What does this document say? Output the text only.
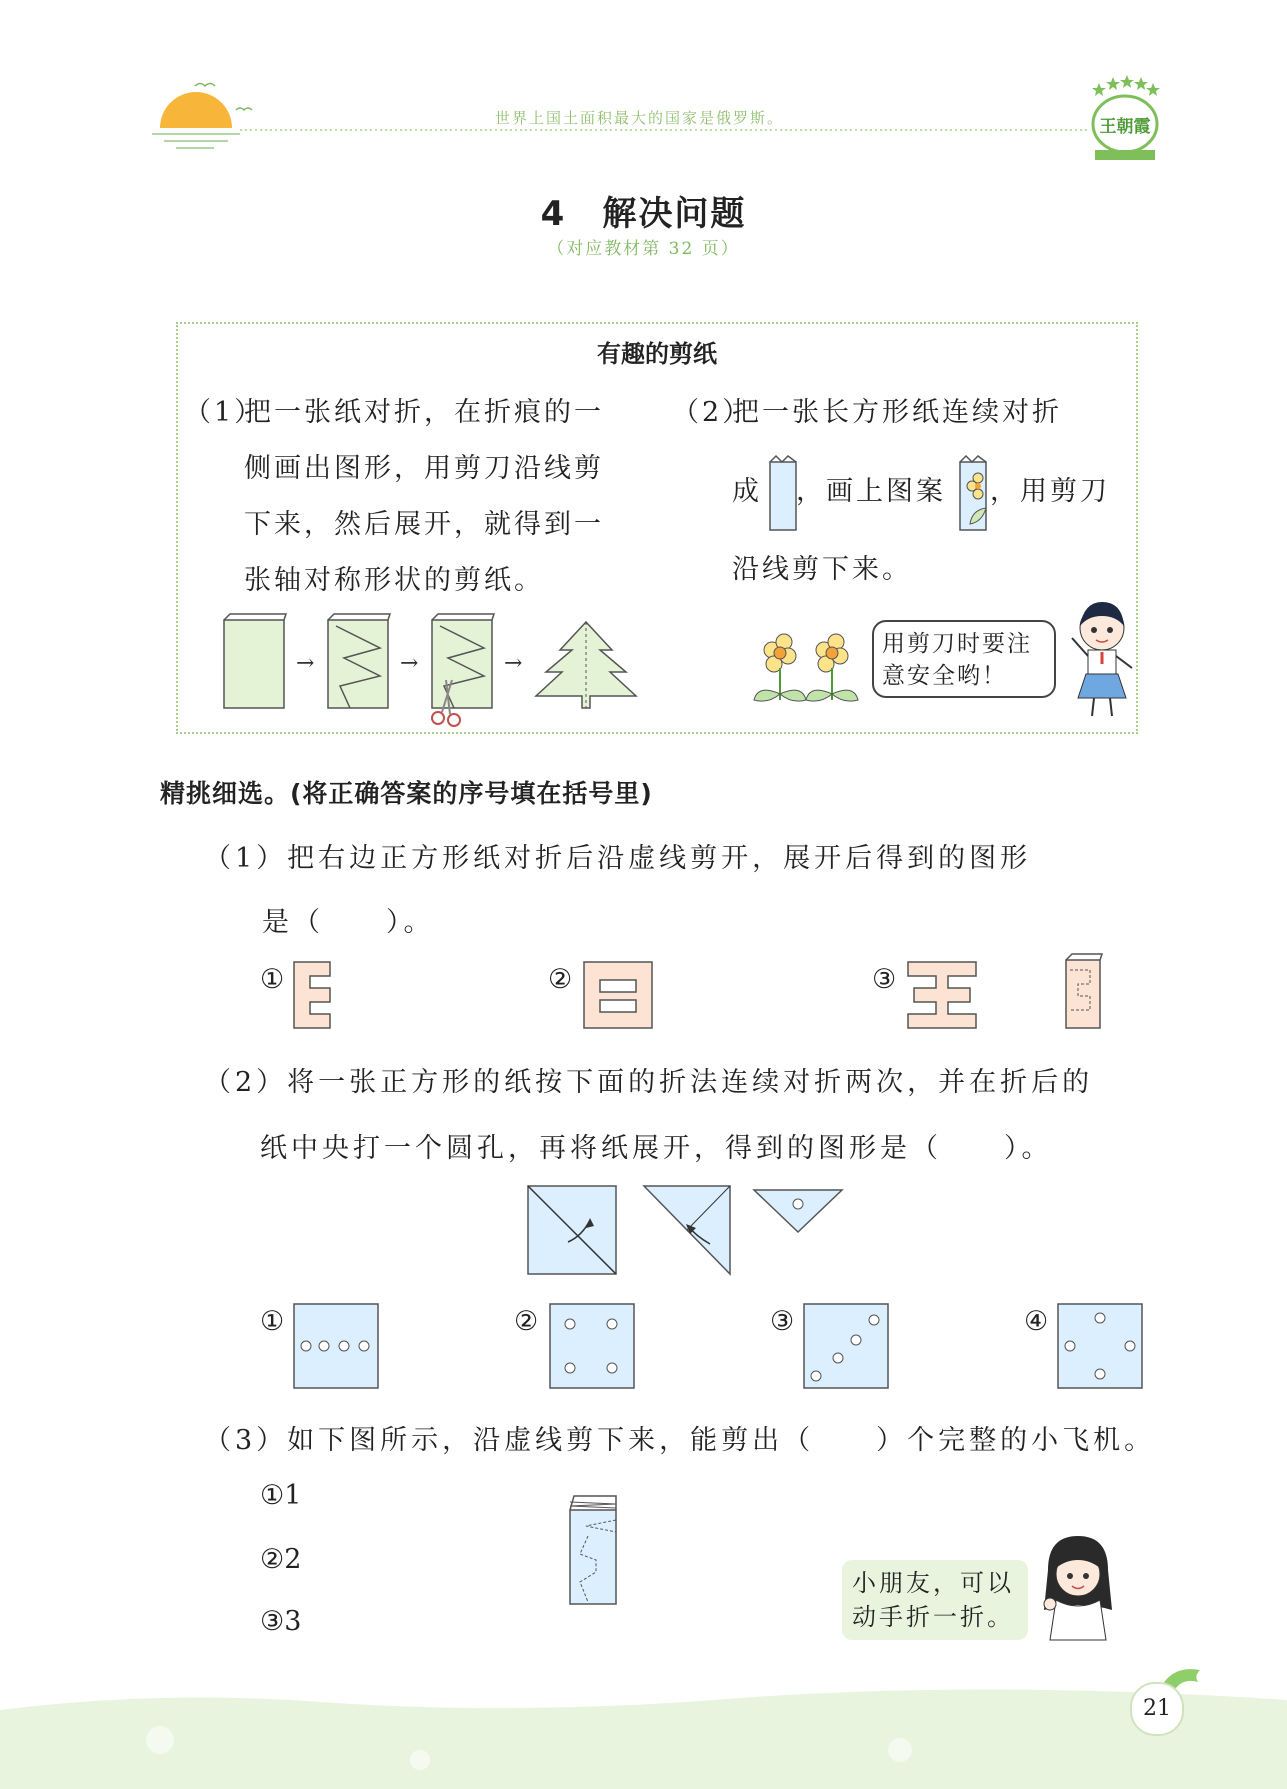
世界上国土面积最大的国家是俄罗斯。	王朝霞
4　解决问题
（对应教材第 32 页）
有趣的剪纸
（1）
把一张纸对折，在折痕的一
侧画出图形，用剪刀沿线剪
下来，然后展开，就得到一
张轴对称形状的剪纸。
（2）
把一张长方形纸连续对折
成 ，画上图案 ，用剪刀
沿线剪下来。
→	→	→
用剪刀时要注
意安全哟！
精挑细选。(将正确答案的序号填在括号里)
（1）把右边正方形纸对折后沿虚线剪开，展开后得到的图形
是（　　）。
①	②	③
（2）将一张正方形的纸按下面的折法连续对折两次，并在折后的
纸中央打一个圆孔，再将纸展开，得到的图形是（　　）。
①	②	③	④
（3）如下图所示，沿虚线剪下来，能剪出（　　）个完整的小飞机。
①1
②2
③3
小朋友，可以
动手折一折。
21
